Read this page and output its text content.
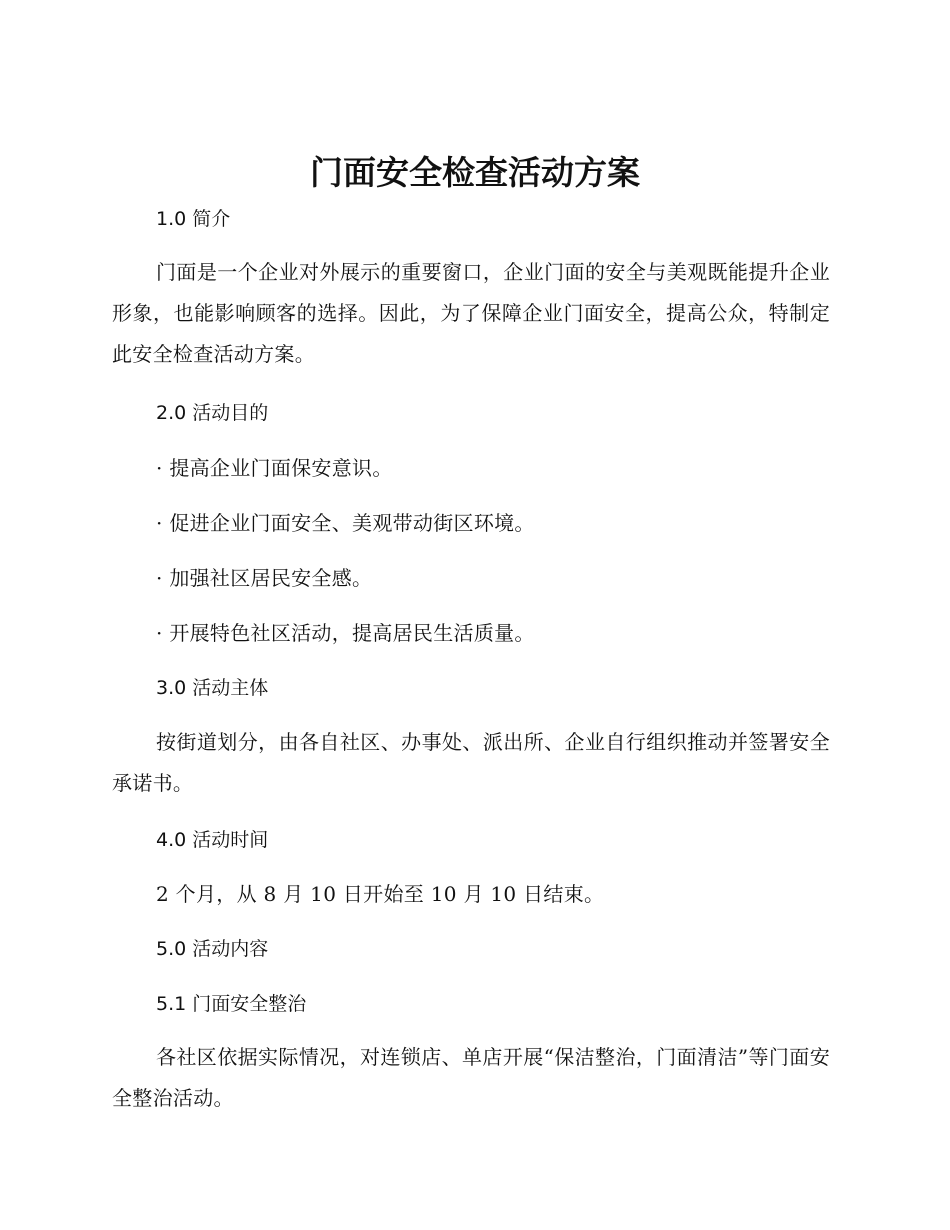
门面安全检查活动方案
1.0 简介

门面是一个企业对外展示的重要窗口，企业门面的安全与美观既能提升企业形象，也能影响顾客的选择。因此，为了保障企业门面安全，提高公众，特制定此安全检查活动方案。

2.0 活动目的

· 提高企业门面保安意识。

· 促进企业门面安全、美观带动街区环境。

· 加强社区居民安全感。

· 开展特色社区活动，提高居民生活质量。

3.0 活动主体

按街道划分，由各自社区、办事处、派出所、企业自行组织推动并签署安全承诺书。

4.0 活动时间

2 个月，从 8 月 10 日开始至 10 月 10 日结束。

5.0 活动内容
5.1 门面安全整治

各社区依据实际情况，对连锁店、单店开展“保洁整治，门面清洁”等门面安全整治活动。
